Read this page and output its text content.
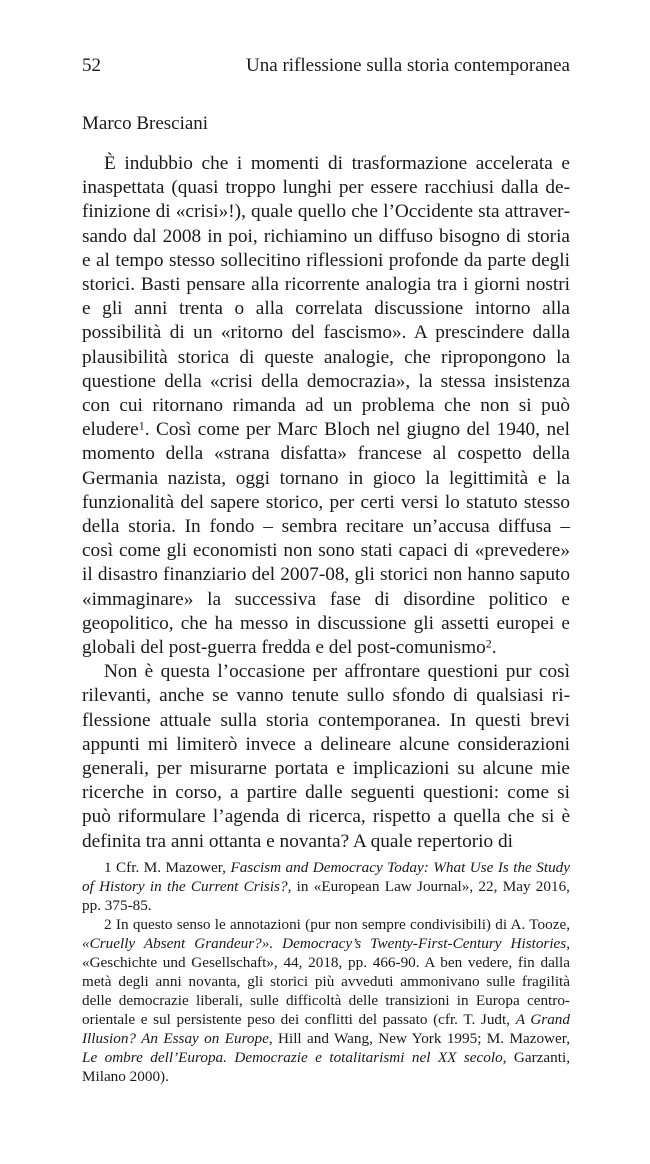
52	Una riflessione sulla storia contemporanea
Marco Bresciani

È indubbio che i momenti di trasformazione accelerata e inaspettata (quasi troppo lunghi per essere racchiusi dalla definizione di «crisi»!), quale quello che l’Occidente sta attraversando dal 2008 in poi, richiamino un diffuso bisogno di storia e al tempo stesso sollecitino riflessioni profonde da parte degli storici. Basti pensare alla ricorrente analogia tra i giorni nostri e gli anni trenta o alla correlata discussione intorno alla possibilità di un «ritorno del fascismo». A prescindere dalla plausibilità storica di queste analogie, che ripropongono la questione della «crisi della democrazia», la stessa insistenza con cui ritornano rimanda ad un problema che non si può eludere$^1$. Così come per Marc Bloch nel giugno del 1940, nel momento della «strana disfatta» francese al cospetto della Germania nazista, oggi tornano in gioco la legittimità e la funzionalità del sapere storico, per certi versi lo statuto stesso della storia. In fondo – sembra recitare un’accusa diffusa – così come gli economisti non sono stati capaci di «prevedere» il disastro finanziario del 2007-08, gli storici non hanno saputo «immaginare» la successiva fase di disordine politico e geopolitico, che ha messo in discussione gli assetti europei e globali del post-guerra fredda e del post-comunismo$^2$.

Non è questa l’occasione per affrontare questioni pur così rilevanti, anche se vanno tenute sullo sfondo di qualsiasi riflessione attuale sulla storia contemporanea. In questi brevi appunti mi limiterò invece a delineare alcune considerazioni generali, per misurarne portata e implicazioni su alcune mie ricerche in corso, a partire dalle seguenti questioni: come si può riformulare l’agenda di ricerca, rispetto a quella che si è definita tra anni ottanta e novanta? A quale repertorio di

1 Cfr. M. Mazower, Fascism and Democracy Today: What Use Is the Study of History in the Current Crisis?, in «European Law Journal», 22, May 2016, pp. 375-85.

2 In questo senso le annotazioni (pur non sempre condivisibili) di A. Tooze, «Cruelly Absent Grandeur?». Democracy’s Twenty-First-Century Histories, «Geschichte und Gesellschaft», 44, 2018, pp. 466-90. A ben vedere, fin dalla metà degli anni novanta, gli storici più avveduti ammonivano sulle fragilità delle democrazie liberali, sulle difficoltà delle transizioni in Europa centro-orientale e sul persistente peso dei conflitti del passato (cfr. T. Judt, A Grand Illusion? An Essay on Europe, Hill and Wang, New York 1995; M. Mazower, Le ombre dell’Europa. Democrazie e totalitarismi nel XX secolo, Garzanti, Milano 2000).
